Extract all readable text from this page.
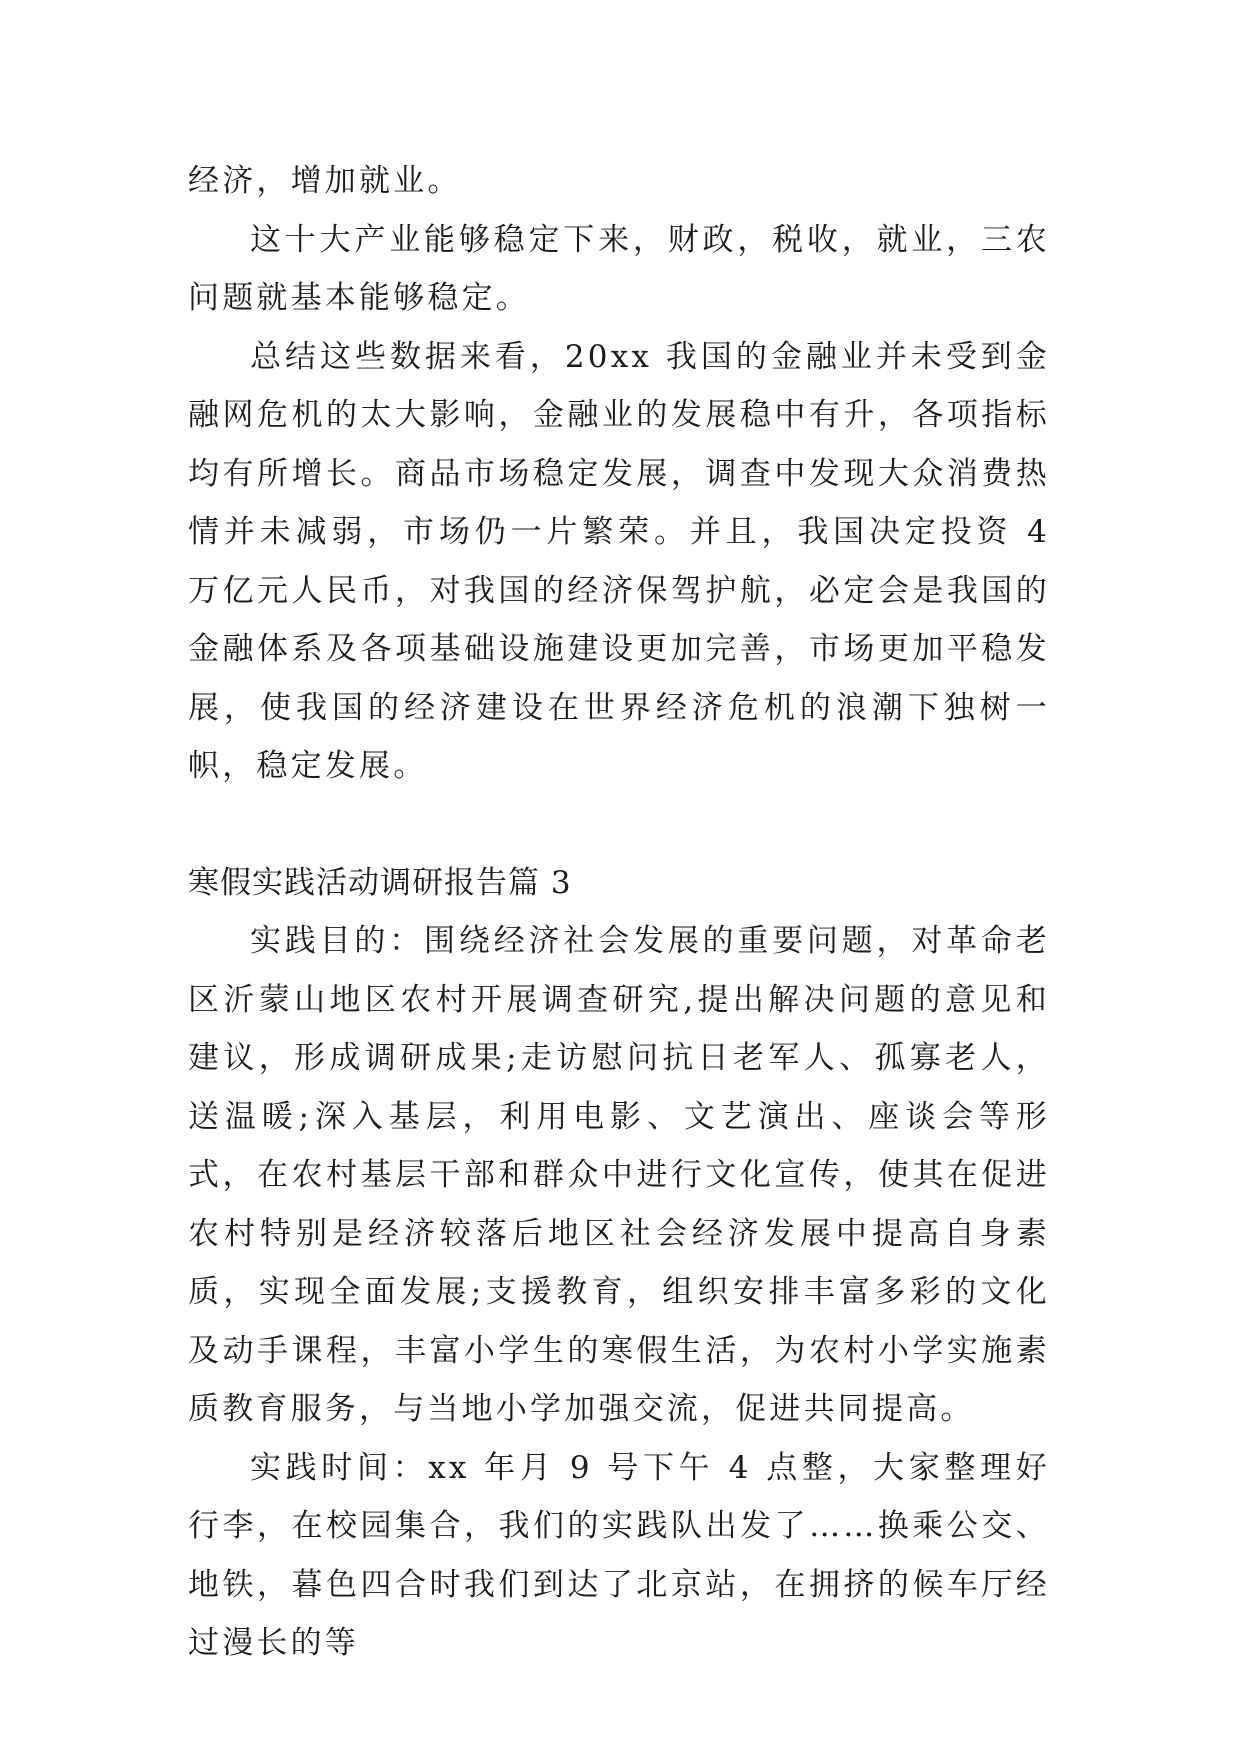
经济，增加就业。

这十大产业能够稳定下来，财政，税收，就业，三农问题就基本能够稳定。

总结这些数据来看，20xx 我国的金融业并未受到金融网危机的太大影响，金融业的发展稳中有升，各项指标均有所增长。商品市场稳定发展，调查中发现大众消费热情并未减弱，市场仍一片繁荣。并且，我国决定投资 4 万亿元人民币，对我国的经济保驾护航，必定会是我国的金融体系及各项基础设施建设更加完善，市场更加平稳发展，使我国的经济建设在世界经济危机的浪潮下独树一帜，稳定发展。

寒假实践活动调研报告篇 3

实践目的：围绕经济社会发展的重要问题，对革命老区沂蒙山地区农村开展调查研究,提出解决问题的意见和建议，形成调研成果;走访慰问抗日老军人、孤寡老人，送温暖;深入基层，利用电影、文艺演出、座谈会等形式，在农村基层干部和群众中进行文化宣传，使其在促进农村特别是经济较落后地区社会经济发展中提高自身素质，实现全面发展;支援教育，组织安排丰富多彩的文化及动手课程，丰富小学生的寒假生活，为农村小学实施素质教育服务，与当地小学加强交流，促进共同提高。

实践时间：xx 年月 9 号下午 4 点整，大家整理好行李，在校园集合，我们的实践队出发了……换乘公交、地铁，暮色四合时我们到达了北京站，在拥挤的候车厅经过漫长的等
